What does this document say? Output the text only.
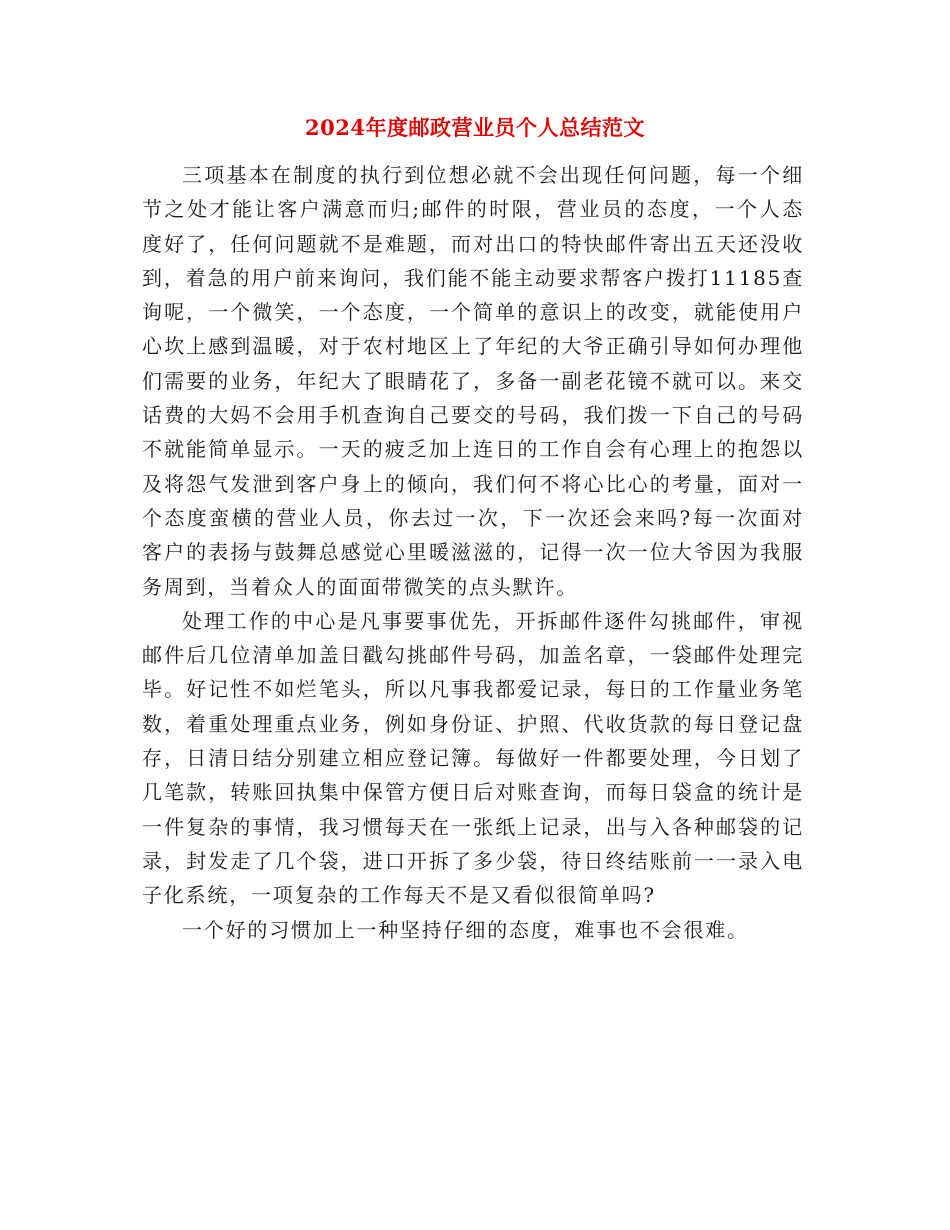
2024年度邮政营业员个人总结范文

三项基本在制度的执行到位想必就不会出现任何问题，每一个细节之处才能让客户满意而归;邮件的时限，营业员的态度，一个人态度好了，任何问题就不是难题，而对出口的特快邮件寄出五天还没收到，着急的用户前来询问，我们能不能主动要求帮客户拨打11185查询呢，一个微笑，一个态度，一个简单的意识上的改变，就能使用户心坎上感到温暖，对于农村地区上了年纪的大爷正确引导如何办理他们需要的业务，年纪大了眼睛花了，多备一副老花镜不就可以。来交话费的大妈不会用手机查询自己要交的号码，我们拨一下自己的号码不就能简单显示。一天的疲乏加上连日的工作自会有心理上的抱怨以及将怨气发泄到客户身上的倾向，我们何不将心比心的考量，面对一个态度蛮横的营业人员，你去过一次，下一次还会来吗?每一次面对客户的表扬与鼓舞总感觉心里暖滋滋的，记得一次一位大爷因为我服务周到，当着众人的面面带微笑的点头默许。

处理工作的中心是凡事要事优先，开拆邮件逐件勾挑邮件，审视邮件后几位清单加盖日戳勾挑邮件号码，加盖名章，一袋邮件处理完毕。好记性不如烂笔头，所以凡事我都爱记录，每日的工作量业务笔数，着重处理重点业务，例如身份证、护照、代收货款的每日登记盘存，日清日结分别建立相应登记簿。每做好一件都要处理，今日划了几笔款，转账回执集中保管方便日后对账查询，而每日袋盒的统计是一件复杂的事情，我习惯每天在一张纸上记录，出与入各种邮袋的记录，封发走了几个袋，进口开拆了多少袋，待日终结账前一一录入电子化系统，一项复杂的工作每天不是又看似很简单吗?

一个好的习惯加上一种坚持仔细的态度，难事也不会很难。
